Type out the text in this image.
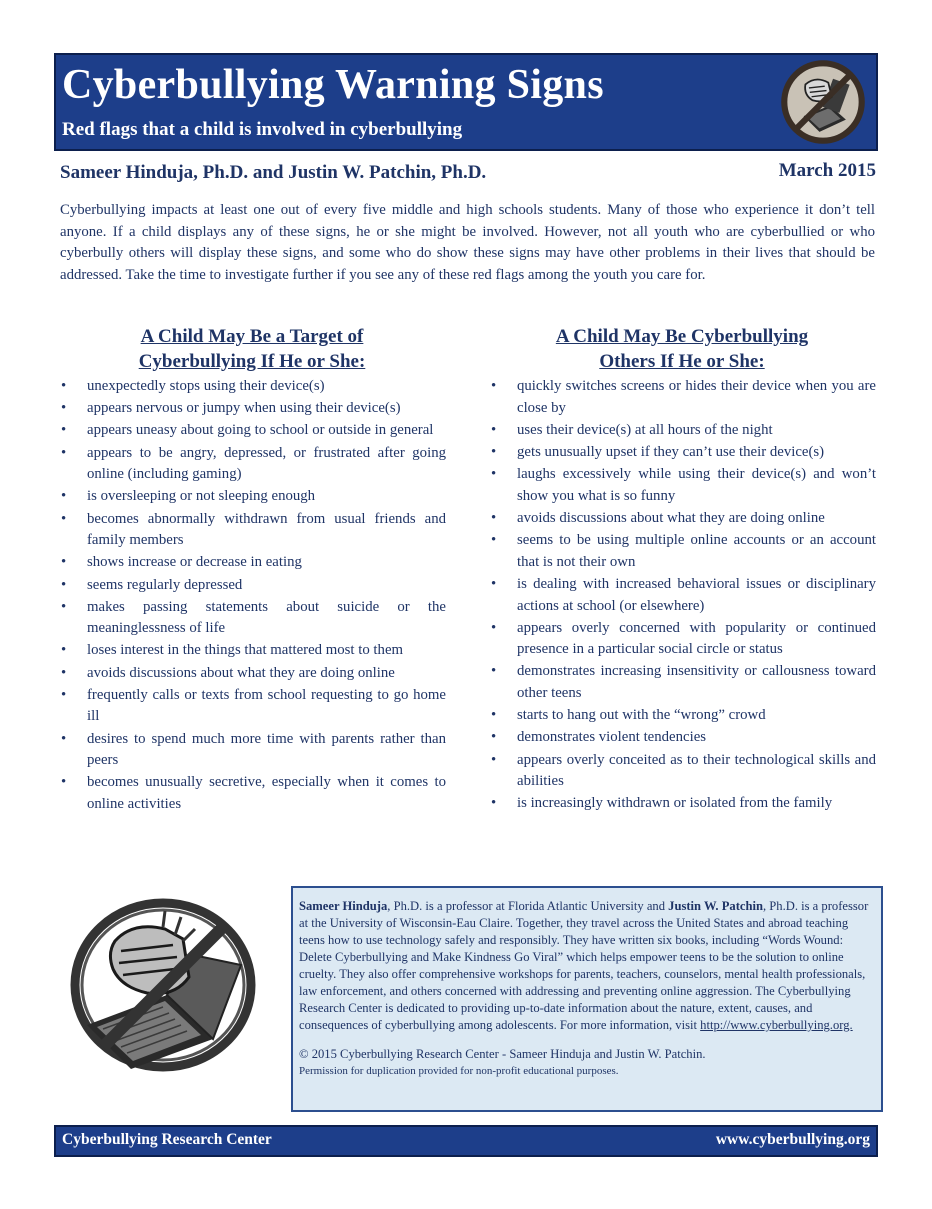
Cyberbullying Warning Signs
Red flags that a child is involved in cyberbullying
Sameer Hinduja, Ph.D. and Justin W. Patchin, Ph.D.	March 2015
Cyberbullying impacts at least one out of every five middle and high schools students. Many of those who experience it don’t tell anyone. If a child displays any of these signs, he or she might be involved. However, not all youth who are cyberbullied or who cyberbully others will display these signs, and some who do show these signs may have other problems in their lives that should be addressed. Take the time to investigate further if you see any of these red flags among the youth you care for.
A Child May Be a Target of
Cyberbullying If He or She:
• unexpectedly stops using their device(s)
• appears nervous or jumpy when using their device(s)
• appears uneasy about going to school or outside in general
• appears to be angry, depressed, or frustrated after going online (including gaming)
• is oversleeping or not sleeping enough
• becomes abnormally withdrawn from usual friends and family members
• shows increase or decrease in eating
• seems regularly depressed
• makes passing statements about suicide or the meaninglessness of life
• loses interest in the things that mattered most to them
• avoids discussions about what they are doing online
• frequently calls or texts from school requesting to go home ill
• desires to spend much more time with parents rather than peers
• becomes unusually secretive, especially when it comes to online activities
A Child May Be Cyberbullying
Others If He or She:
• quickly switches screens or hides their device when you are close by
• uses their device(s) at all hours of the night
• gets unusually upset if they can’t use their device(s)
• laughs excessively while using their device(s) and won’t show you what is so funny
• avoids discussions about what they are doing online
• seems to be using multiple online accounts or an account that is not their own
• is dealing with increased behavioral issues or disciplinary actions at school (or elsewhere)
• appears overly concerned with popularity or continued presence in a particular social circle or status
• demonstrates increasing insensitivity or callousness toward other teens
• starts to hang out with the “wrong” crowd
• demonstrates violent tendencies
• appears overly conceited as to their technological skills and abilities
• is increasingly withdrawn or isolated from the family

Sameer Hinduja, Ph.D. is a professor at Florida Atlantic University and Justin W. Patchin, Ph.D. is a professor at the University of Wisconsin-Eau Claire. Together, they travel across the United States and abroad teaching teens how to use technology safely and responsibly. They have written six books, including “Words Wound: Delete Cyberbullying and Make Kindness Go Viral” which helps empower teens to be the solution to online cruelty. They also offer comprehensive workshops for parents, teachers, counselors, mental health professionals, law enforcement, and others concerned with addressing and preventing online aggression. The Cyberbullying Research Center is dedicated to providing up-to-date information about the nature, extent, causes, and consequences of cyberbullying among adolescents. For more information, visit http://www.cyberbullying.org.

© 2015 Cyberbullying Research Center - Sameer Hinduja and Justin W. Patchin.

Permission for duplication provided for non-profit educational purposes.

Cyberbullying Research Center	www.cyberbullying.org
